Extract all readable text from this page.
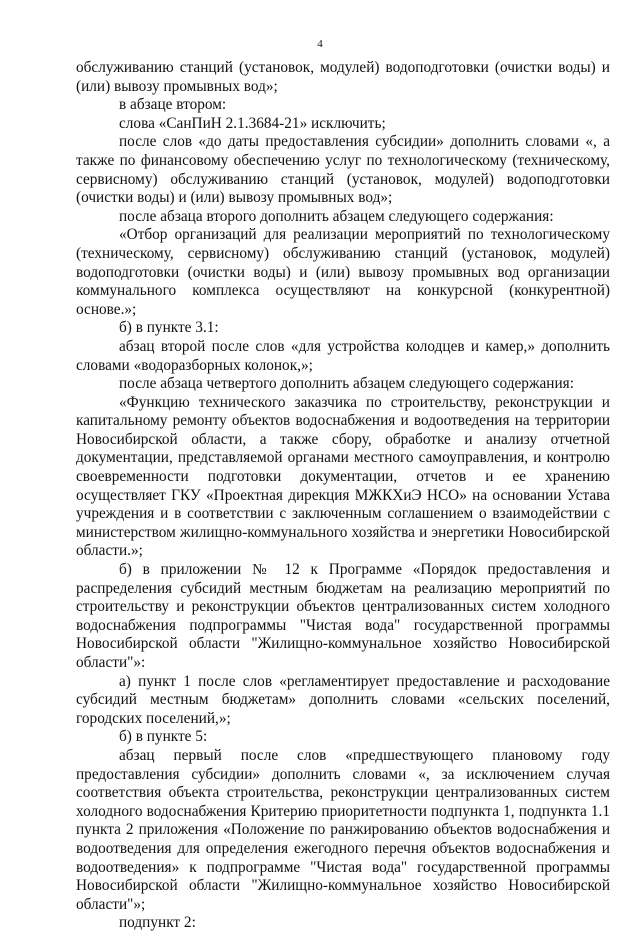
4

обслуживанию станций (установок, модулей) водоподготовки (очистки воды) и (или) вывозу промывных вод»;

в абзаце втором:

слова «СанПиН 2.1.3684-21» исключить;

после слов «до даты предоставления субсидии» дополнить словами «, а также по финансовому обеспечению услуг по технологическому (техническому, сервисному) обслуживанию станций (установок, модулей) водоподготовки (очистки воды) и (или) вывозу промывных вод»;

после абзаца второго дополнить абзацем следующего содержания:

«Отбор организаций для реализации мероприятий по технологическому (техническому, сервисному) обслуживанию станций (установок, модулей) водоподготовки (очистки воды) и (или) вывозу промывных вод организации коммунального комплекса осуществляют на конкурсной (конкурентной) основе.»;

б) в пункте 3.1:

абзац второй после слов «для устройства колодцев и камер,» дополнить словами «водоразборных колонок,»;

после абзаца четвертого дополнить абзацем следующего содержания:

«Функцию технического заказчика по строительству, реконструкции и капитальному ремонту объектов водоснабжения и водоотведения на территории Новосибирской области, а также сбору, обработке и анализу отчетной документации, представляемой органами местного самоуправления, и контролю своевременности подготовки документации, отчетов и ее хранению осуществляет ГКУ «Проектная дирекция МЖКХиЭ НСО» на основании Устава учреждения и в соответствии с заключенным соглашением о взаимодействии с министерством жилищно-коммунального хозяйства и энергетики Новосибирской области.»;

б) в приложении № 12 к Программе «Порядок предоставления и распределения субсидий местным бюджетам на реализацию мероприятий по строительству и реконструкции объектов централизованных систем холодного водоснабжения подпрограммы "Чистая вода" государственной программы Новосибирской области "Жилищно-коммунальное хозяйство Новосибирской области"»:

а) пункт 1 после слов «регламентирует предоставление и расходование субсидий местным бюджетам» дополнить словами «сельских поселений, городских поселений,»;

б) в пункте 5:

абзац первый после слов «предшествующего плановому году предоставления субсидии» дополнить словами «, за исключением случая соответствия объекта строительства, реконструкции централизованных систем холодного водоснабжения Критерию приоритетности подпункта 1, подпункта 1.1 пункта 2 приложения «Положение по ранжированию объектов водоснабжения и водоотведения для определения ежегодного перечня объектов водоснабжения и водоотведения» к подпрограмме "Чистая вода" государственной программы Новосибирской области "Жилищно-коммунальное хозяйство Новосибирской области"»;

подпункт 2:
